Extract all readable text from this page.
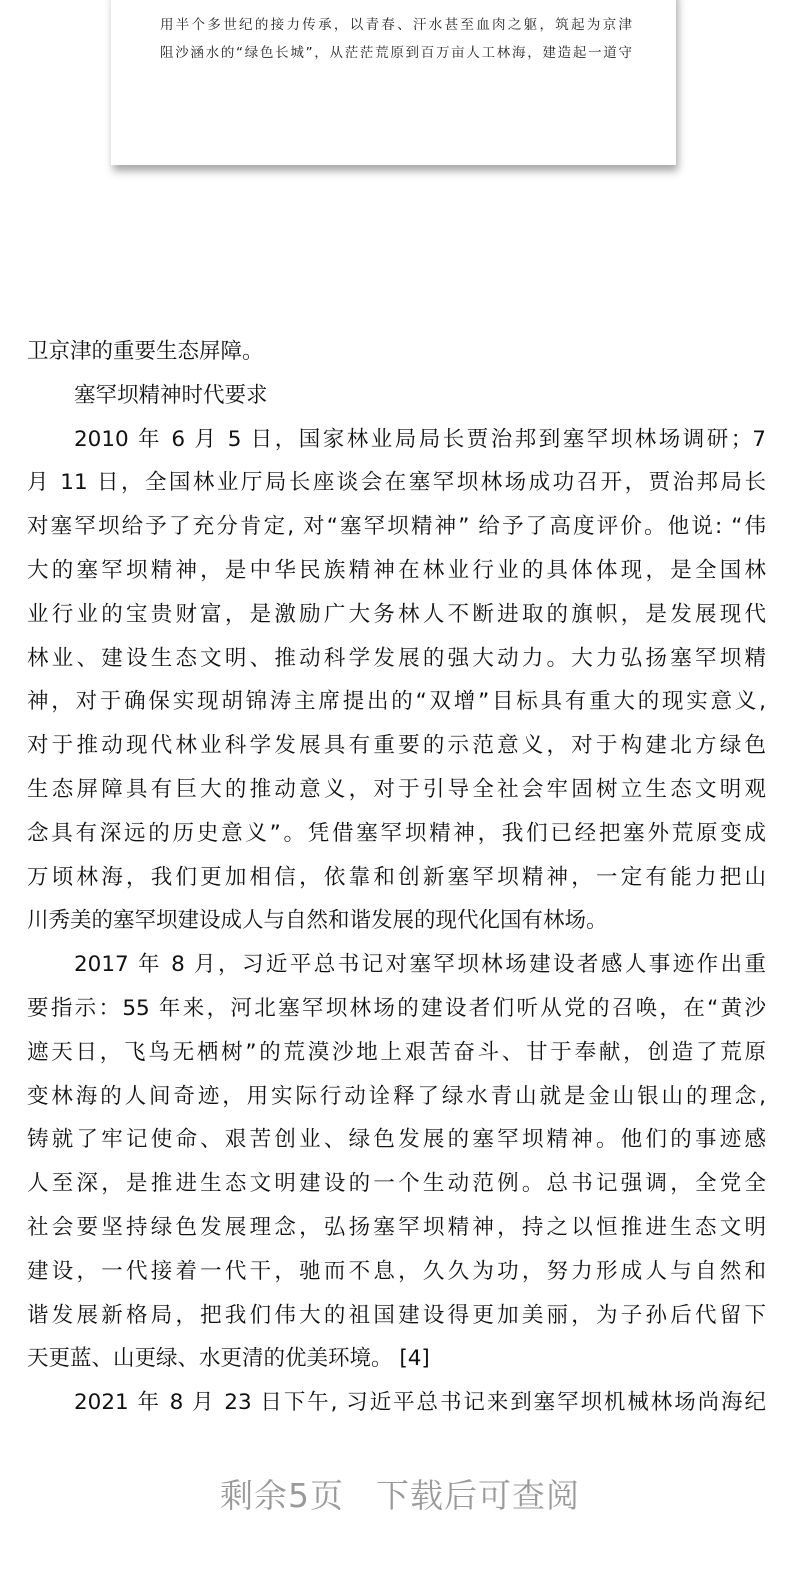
用半个多世纪的接力传承，以青春、汗水甚至血肉之躯，筑起为京津
阻沙涵水的“绿色长城”，从茫茫荒原到百万亩人工林海，建造起一道守
卫京津的重要生态屏障。
塞罕坝精神时代要求
2010 年 6 月 5 日，国家林业局局长贾治邦到塞罕坝林场调研；7
月 11 日，全国林业厅局长座谈会在塞罕坝林场成功召开，贾治邦局长
对塞罕坝给予了充分肯定, 对“塞罕坝精神” 给予了高度评价。他说: “伟
大的塞罕坝精神，是中华民族精神在林业行业的具体体现，是全国林
业行业的宝贵财富，是激励广大务林人不断进取的旗帜，是发展现代
林业、建设生态文明、推动科学发展的强大动力。大力弘扬塞罕坝精
神，对于确保实现胡锦涛主席提出的“双增”目标具有重大的现实意义,
对于推动现代林业科学发展具有重要的示范意义，对于构建北方绿色
生态屏障具有巨大的推动意义，对于引导全社会牢固树立生态文明观
念具有深远的历史意义”。凭借塞罕坝精神，我们已经把塞外荒原变成
万顷林海，我们更加相信，依靠和创新塞罕坝精神，一定有能力把山
川秀美的塞罕坝建设成人与自然和谐发展的现代化国有林场。
2017 年 8 月，习近平总书记对塞罕坝林场建设者感人事迹作出重
要指示：55 年来，河北塞罕坝林场的建设者们听从党的召唤，在“黄沙
遮天日，飞鸟无栖树”的荒漠沙地上艰苦奋斗、甘于奉献，创造了荒原
变林海的人间奇迹，用实际行动诠释了绿水青山就是金山银山的理念,
铸就了牢记使命、艰苦创业、绿色发展的塞罕坝精神。他们的事迹感
人至深，是推进生态文明建设的一个生动范例。总书记强调，全党全
社会要坚持绿色发展理念，弘扬塞罕坝精神，持之以恒推进生态文明
建设，一代接着一代干，驰而不息，久久为功，努力形成人与自然和
谐发展新格局，把我们伟大的祖国建设得更加美丽，为子孙后代留下
天更蓝、山更绿、水更清的优美环境。 [4]
2021 年 8 月 23 日下午, 习近平总书记来到塞罕坝机械林场尚海纪
剩余5页 下载后可查阅
